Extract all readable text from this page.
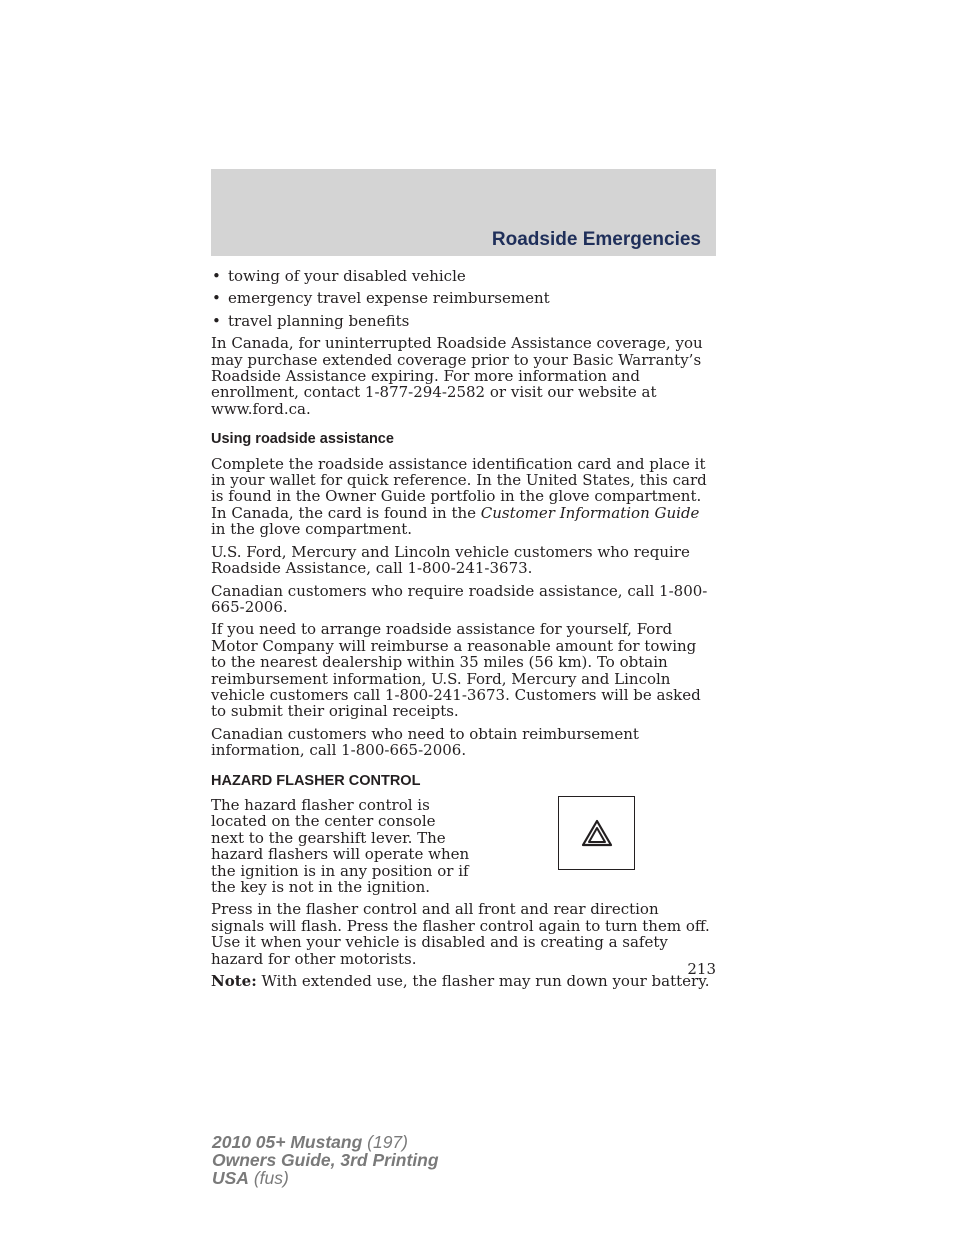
Roadside Emergencies
• towing of your disabled vehicle
• emergency travel expense reimbursement
• travel planning benefits

In Canada, for uninterrupted Roadside Assistance coverage, you may purchase extended coverage prior to your Basic Warranty’s Roadside Assistance expiring. For more information and enrollment, contact 1-877-294-2582 or visit our website at www.ford.ca.

Using roadside assistance

Complete the roadside assistance identification card and place it in your wallet for quick reference. In the United States, this card is found in the Owner Guide portfolio in the glove compartment. In Canada, the card is found in the Customer Information Guide in the glove compartment.

U.S. Ford, Mercury and Lincoln vehicle customers who require Roadside Assistance, call 1-800-241-3673.

Canadian customers who require roadside assistance, call 1-800-665-2006.

If you need to arrange roadside assistance for yourself, Ford Motor Company will reimburse a reasonable amount for towing to the nearest dealership within 35 miles (56 km). To obtain reimbursement information, U.S. Ford, Mercury and Lincoln vehicle customers call 1-800-241-3673. Customers will be asked to submit their original receipts.

Canadian customers who need to obtain reimbursement information, call 1-800-665-2006.

HAZARD FLASHER CONTROL

The hazard flasher control is located on the center console next to the gearshift lever. The hazard flashers will operate when the ignition is in any position or if the key is not in the ignition.

Press in the flasher control and all front and rear direction signals will flash. Press the flasher control again to turn them off. Use it when your vehicle is disabled and is creating a safety hazard for other motorists.

Note: With extended use, the flasher may run down your battery.

213
2010 05+ Mustang (197)
Owners Guide, 3rd Printing
USA (fus)
